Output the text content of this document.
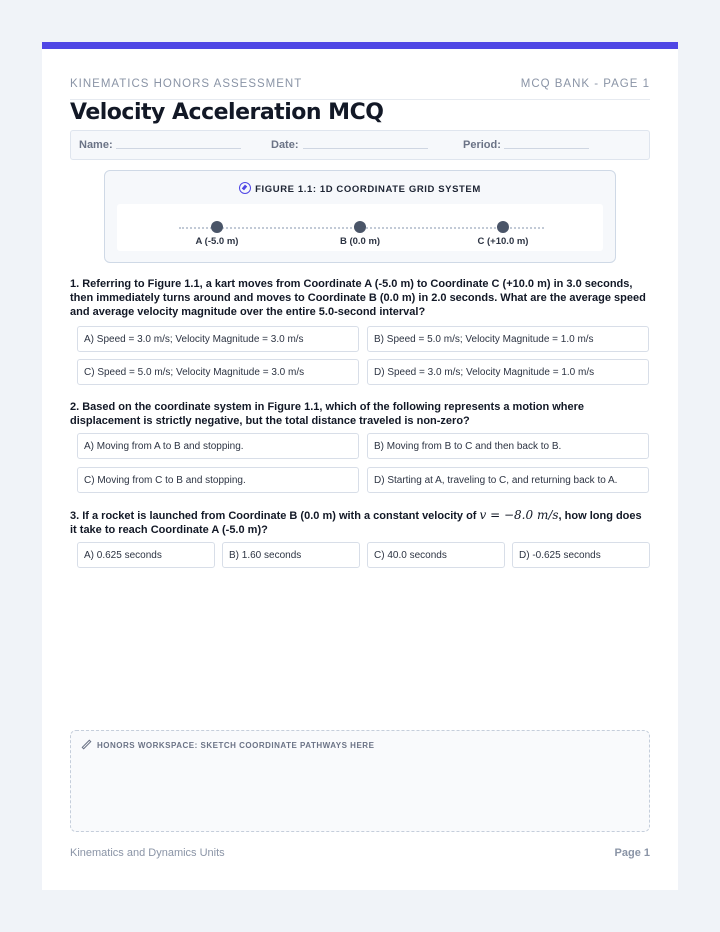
KINEMATICS HONORS ASSESSMENT	MCQ BANK - PAGE 1
Velocity Acceleration MCQ
Name:	Date:	Period:
FIGURE 1.1: 1D COORDINATE GRID SYSTEM
A (-5.0 m)	B (0.0 m)	C (+10.0 m)
1. Referring to Figure 1.1, a kart moves from Coordinate A (-5.0 m) to Coordinate C (+10.0 m) in 3.0 seconds, then immediately turns around and moves to Coordinate B (0.0 m) in 2.0 seconds. What are the average speed and average velocity magnitude over the entire 5.0-second interval?
A) Speed = 3.0 m/s; Velocity Magnitude = 3.0 m/s	B) Speed = 5.0 m/s; Velocity Magnitude = 1.0 m/s
C) Speed = 5.0 m/s; Velocity Magnitude = 3.0 m/s	D) Speed = 3.0 m/s; Velocity Magnitude = 1.0 m/s
2. Based on the coordinate system in Figure 1.1, which of the following represents a motion where displacement is strictly negative, but the total distance traveled is non-zero?
A) Moving from A to B and stopping.	B) Moving from B to C and then back to B.
C) Moving from C to B and stopping.	D) Starting at A, traveling to C, and returning back to A.
3. If a rocket is launched from Coordinate B (0.0 m) with a constant velocity of v = −8.0 m/s, how long does it take to reach Coordinate A (-5.0 m)?
A) 0.625 seconds	B) 1.60 seconds	C) 40.0 seconds	D) -0.625 seconds
HONORS WORKSPACE: SKETCH COORDINATE PATHWAYS HERE
Kinematics and Dynamics Units	Page 1
